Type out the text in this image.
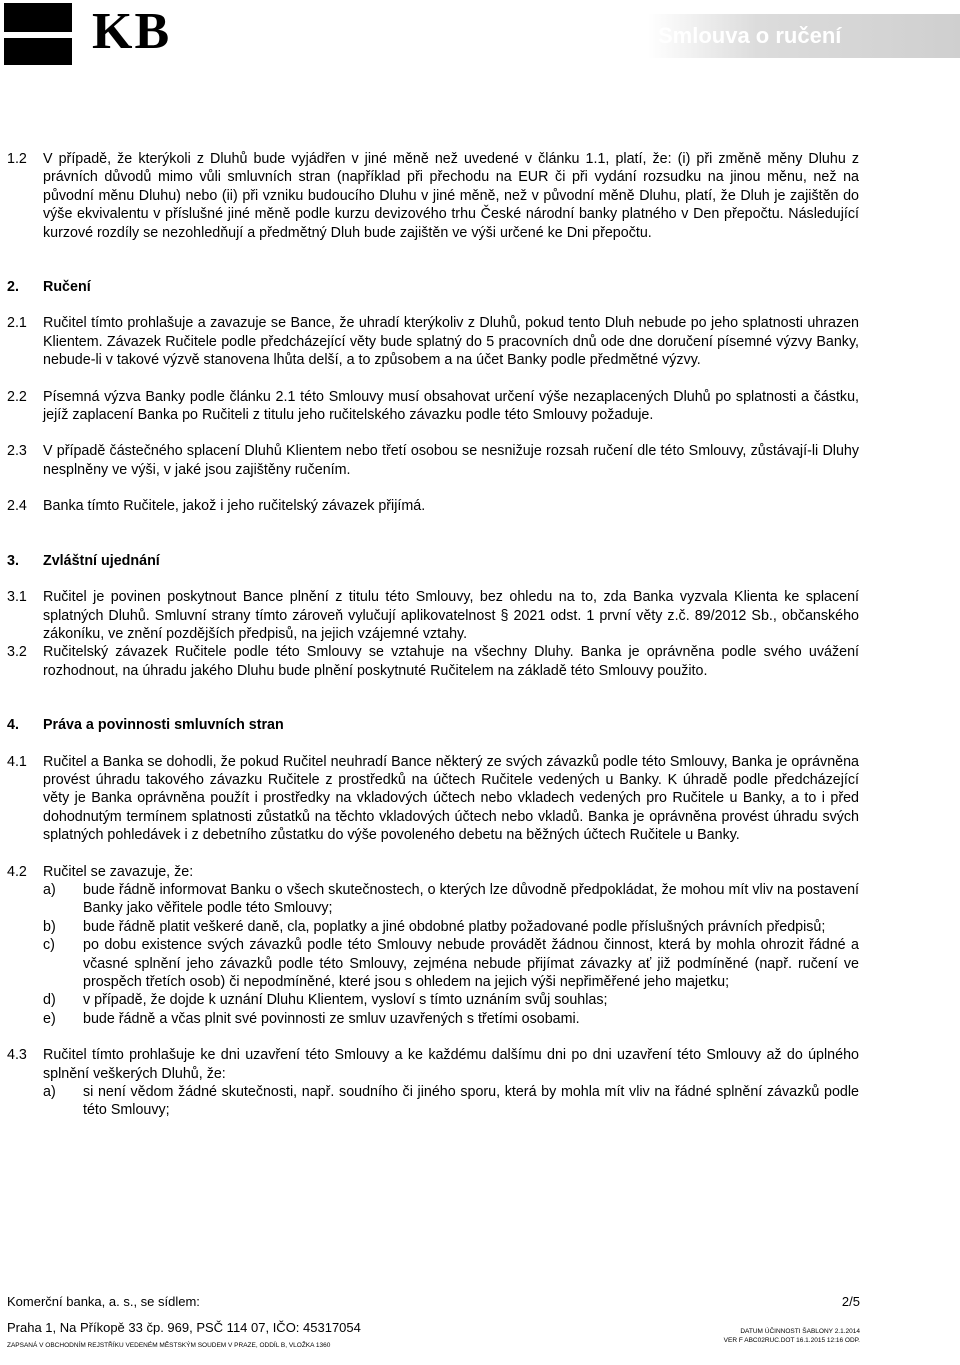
KB	Smlouva o ručení
1.2 V případě, že kterýkoli z Dluhů bude vyjádřen v jiné měně než uvedené v článku 1.1, platí, že: (i) při změně měny Dluhu z právních důvodů mimo vůli smluvních stran (například při přechodu na EUR či při vydání rozsudku na jinou měnu, než na původní měnu Dluhu) nebo (ii) při vzniku budoucího Dluhu v jiné měně, než v původní měně Dluhu, platí, že Dluh je zajištěn do výše ekvivalentu v příslušné jiné měně podle kurzu devizového trhu České národní banky platného v Den přepočtu. Následující kurzové rozdíly se nezohledňují a předmětný Dluh bude zajištěn ve výši určené ke Dni přepočtu.
2. Ručení
2.1 Ručitel tímto prohlašuje a zavazuje se Bance, že uhradí kterýkoliv z Dluhů, pokud tento Dluh nebude po jeho splatnosti uhrazen Klientem. Závazek Ručitele podle předcházející věty bude splatný do 5 pracovních dnů ode dne doručení písemné výzvy Banky, nebude-li v takové výzvě stanovena lhůta delší, a to způsobem a na účet Banky podle předmětné výzvy.
2.2 Písemná výzva Banky podle článku 2.1 této Smlouvy musí obsahovat určení výše nezaplacených Dluhů po splatnosti a částku, jejíž zaplacení Banka po Ručiteli z titulu jeho ručitelského závazku podle této Smlouvy požaduje.
2.3 V případě částečného splacení Dluhů Klientem nebo třetí osobou se nesnižuje rozsah ručení dle této Smlouvy, zůstávají-li Dluhy nesplněny ve výši, v jaké jsou zajištěny ručením.
2.4 Banka tímto Ručitele, jakož i jeho ručitelský závazek přijímá.
3. Zvláštní ujednání
3.1 Ručitel je povinen poskytnout Bance plnění z titulu této Smlouvy, bez ohledu na to, zda Banka vyzvala Klienta ke splacení splatných Dluhů. Smluvní strany tímto zároveň vylučují aplikovatelnost § 2021 odst. 1 první věty z.č. 89/2012 Sb., občanského zákoníku, ve znění pozdějších předpisů, na jejich vzájemné vztahy.
3.2 Ručitelský závazek Ručitele podle této Smlouvy se vztahuje na všechny Dluhy. Banka je oprávněna podle svého uvážení rozhodnout, na úhradu jakého Dluhu bude plnění poskytnuté Ručitelem na základě této Smlouvy použito.
4. Práva a povinnosti smluvních stran
4.1 Ručitel a Banka se dohodli, že pokud Ručitel neuhradí Bance některý ze svých závazků podle této Smlouvy, Banka je oprávněna provést úhradu takového závazku Ručitele z prostředků na účtech Ručitele vedených u Banky. K úhradě podle předcházející věty je Banka oprávněna použít i prostředky na vkladových účtech nebo vkladech vedených pro Ručitele u Banky, a to i před dohodnutým termínem splatnosti zůstatků na těchto vkladových účtech nebo vkladů. Banka je oprávněna provést úhradu svých splatných pohledávek i z debetního zůstatku do výše povoleného debetu na běžných účtech Ručitele u Banky.
4.2 Ručitel se zavazuje, že:
a) bude řádně informovat Banku o všech skutečnostech, o kterých lze důvodně předpokládat, že mohou mít vliv na postavení Banky jako věřitele podle této Smlouvy;
b) bude řádně platit veškeré daně, cla, poplatky a jiné obdobné platby požadované podle příslušných právních předpisů;
c) po dobu existence svých závazků podle této Smlouvy nebude provádět žádnou činnost, která by mohla ohrozit řádné a včasné splnění jeho závazků podle této Smlouvy, zejména nebude přijímat závazky ať již podmíněné (např. ručení ve prospěch třetích osob) či nepodmíněné, které jsou s ohledem na jejich výši nepřiměřené jeho majetku;
d) v případě, že dojde k uznání Dluhu Klientem, vysloví s tímto uznáním svůj souhlas;
e) bude řádně a včas plnit své povinnosti ze smluv uzavřených s třetími osobami.
4.3 Ručitel tímto prohlašuje ke dni uzavření této Smlouvy a ke každému dalšímu dni po dni uzavření této Smlouvy až do úplného splnění veškerých Dluhů, že:
a) si není vědom žádné skutečnosti, např. soudního či jiného sporu, která by mohla mít vliv na řádné splnění závazků podle této Smlouvy;
Komerční banka, a. s., se sídlem:
Praha 1, Na Příkopě 33 čp. 969, PSČ 114 07, IČO: 45317054
ZAPSANÁ V OBCHODNÍM REJSTŘÍKU VEDENÉM MĚSTSKÝM SOUDEM V PRAZE, ODDÍL B, VLOŽKA 1360
2/5
DATUM ÚČINNOSTI ŠABLONY 2.1.2014
VER F ABC02RUC.DOT 16.1.2015 12:16 ODP.
